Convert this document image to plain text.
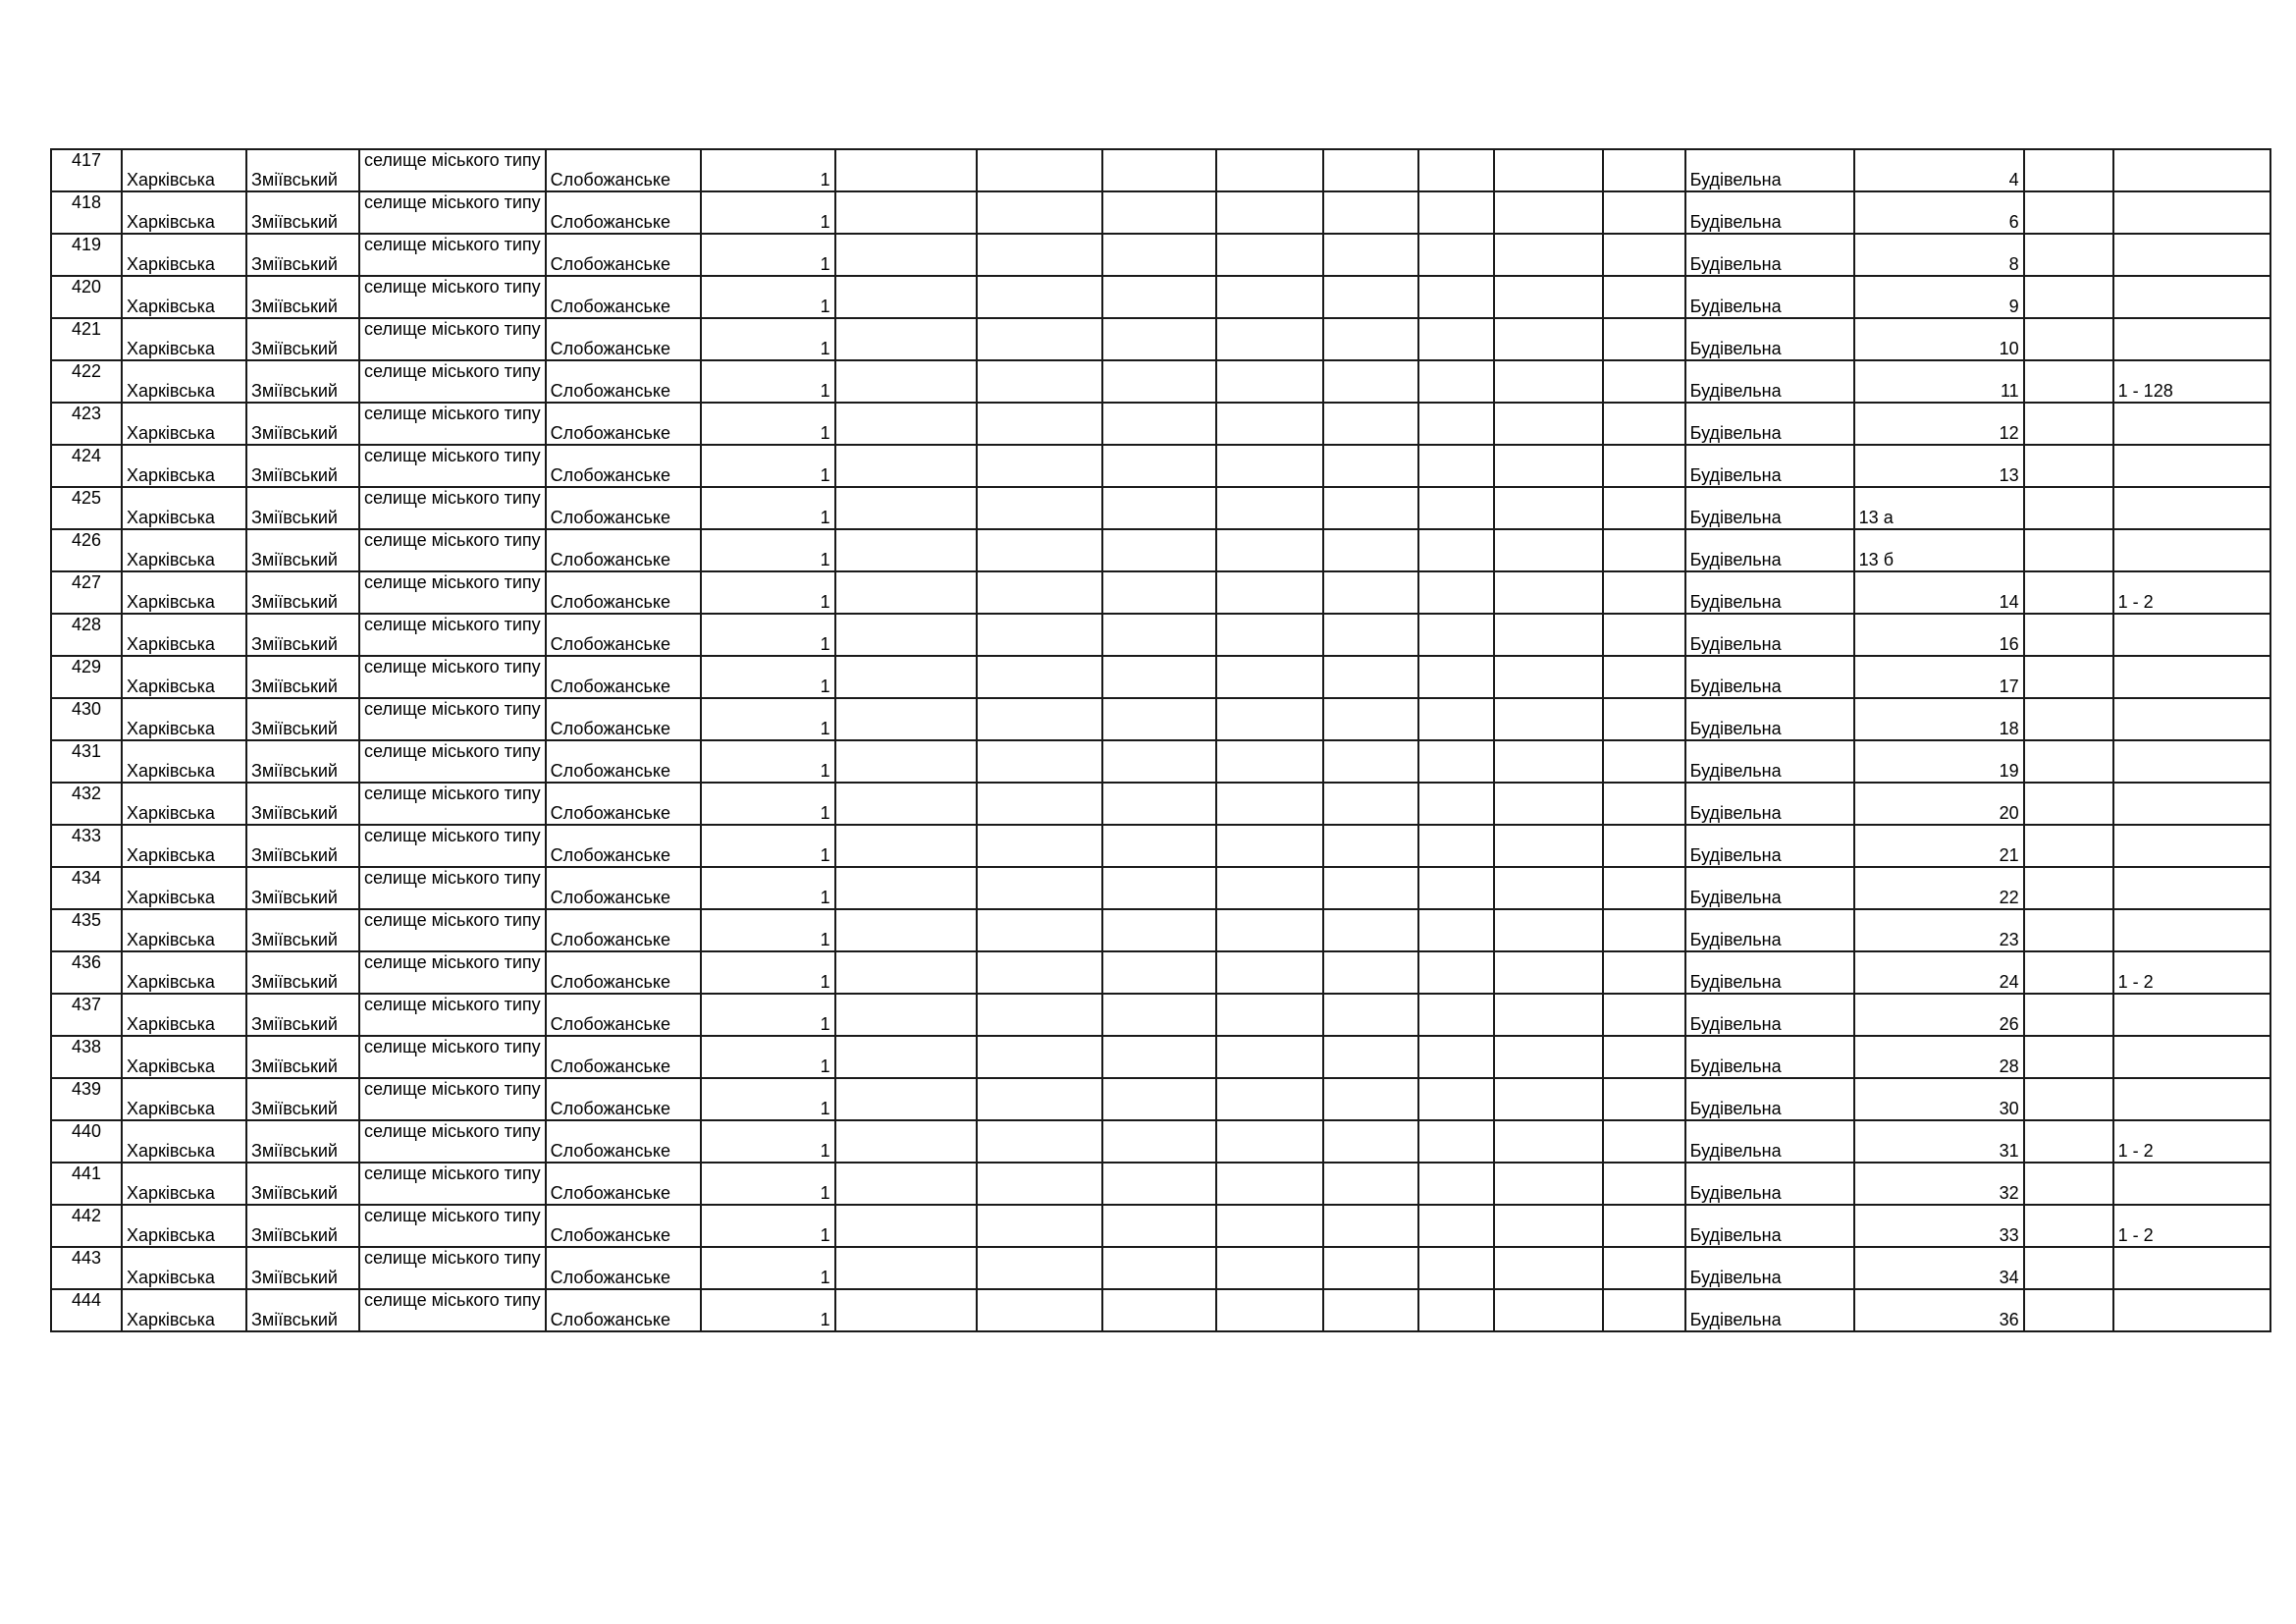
417	Харківська	Зміївський	селище міського типу	Слобожанське	1									Будівельна	4		
418	Харківська	Зміївський	селище міського типу	Слобожанське	1									Будівельна	6		
419	Харківська	Зміївський	селище міського типу	Слобожанське	1									Будівельна	8		
420	Харківська	Зміївський	селище міського типу	Слобожанське	1									Будівельна	9		
421	Харківська	Зміївський	селище міського типу	Слобожанське	1									Будівельна	10		
422	Харківська	Зміївський	селище міського типу	Слобожанське	1									Будівельна	11		1 - 128
423	Харківська	Зміївський	селище міського типу	Слобожанське	1									Будівельна	12		
424	Харківська	Зміївський	селище міського типу	Слобожанське	1									Будівельна	13		
425	Харківська	Зміївський	селище міського типу	Слобожанське	1									Будівельна	13 а		
426	Харківська	Зміївський	селище міського типу	Слобожанське	1									Будівельна	13 б		
427	Харківська	Зміївський	селище міського типу	Слобожанське	1									Будівельна	14		1 - 2
428	Харківська	Зміївський	селище міського типу	Слобожанське	1									Будівельна	16		
429	Харківська	Зміївський	селище міського типу	Слобожанське	1									Будівельна	17		
430	Харківська	Зміївський	селище міського типу	Слобожанське	1									Будівельна	18		
431	Харківська	Зміївський	селище міського типу	Слобожанське	1									Будівельна	19		
432	Харківська	Зміївський	селище міського типу	Слобожанське	1									Будівельна	20		
433	Харківська	Зміївський	селище міського типу	Слобожанське	1									Будівельна	21		
434	Харківська	Зміївський	селище міського типу	Слобожанське	1									Будівельна	22		
435	Харківська	Зміївський	селище міського типу	Слобожанське	1									Будівельна	23		
436	Харківська	Зміївський	селище міського типу	Слобожанське	1									Будівельна	24		1 - 2
437	Харківська	Зміївський	селище міського типу	Слобожанське	1									Будівельна	26		
438	Харківська	Зміївський	селище міського типу	Слобожанське	1									Будівельна	28		
439	Харківська	Зміївський	селище міського типу	Слобожанське	1									Будівельна	30		
440	Харківська	Зміївський	селище міського типу	Слобожанське	1									Будівельна	31		1 - 2
441	Харківська	Зміївський	селище міського типу	Слобожанське	1									Будівельна	32		
442	Харківська	Зміївський	селище міського типу	Слобожанське	1									Будівельна	33		1 - 2
443	Харківська	Зміївський	селище міського типу	Слобожанське	1									Будівельна	34		
444	Харківська	Зміївський	селище міського типу	Слобожанське	1									Будівельна	36		
